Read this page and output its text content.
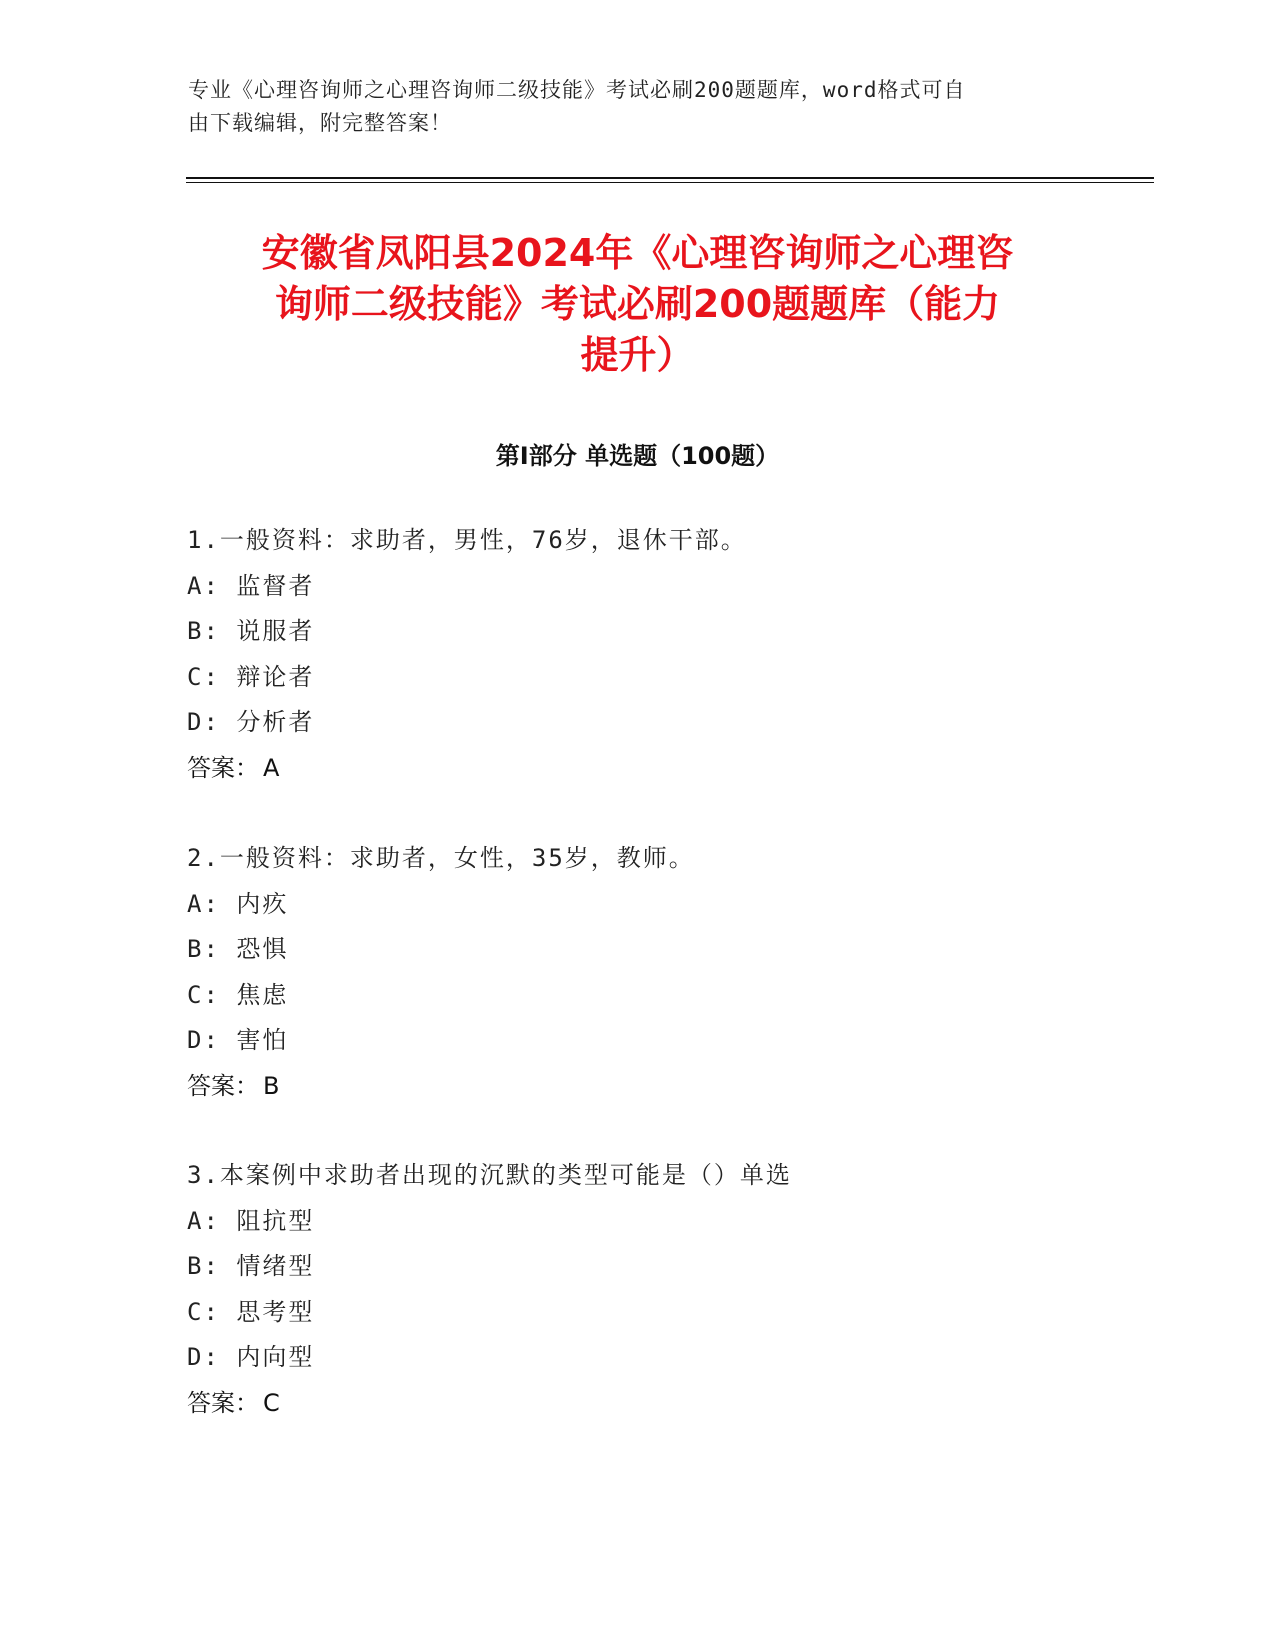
专业《心理咨询师之心理咨询师二级技能》考试必刷200题题库，word格式可自
由下载编辑，附完整答案！
安徽省凤阳县2024年《心理咨询师之心理咨
询师二级技能》考试必刷200题题库（能力
提升）
第Ⅰ部分 单选题（100题）
1.一般资料：求助者，男性，76岁，退休干部。
A: 监督者
B: 说服者
C: 辩论者
D: 分析者
答案： A
2.一般资料：求助者，女性，35岁，教师。
A: 内疚
B: 恐惧
C: 焦虑
D: 害怕
答案： B
3.本案例中求助者出现的沉默的类型可能是（）单选
A: 阻抗型
B: 情绪型
C: 思考型
D: 内向型
答案： C
